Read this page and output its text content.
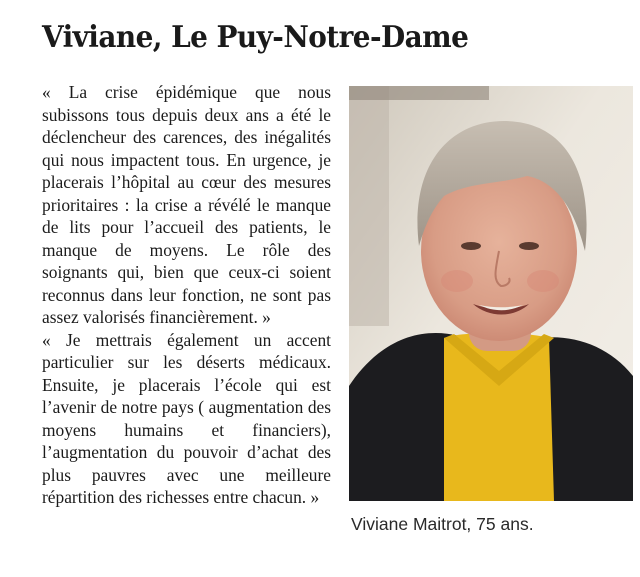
Viviane, Le Puy-Notre-Dame

« La crise épidémique que nous subissons tous depuis deux ans a été le déclencheur des carences, des inégalités qui nous impactent tous. En urgence, je placerais l’hôpital au cœur des mesures prioritaires : la crise a révélé le manque de lits pour l’accueil des patients, le manque de moyens. Le rôle des soignants qui, bien que ceux-ci soient reconnus dans leur fonction, ne sont pas assez valorisés financièrement. »

« Je mettrais également un accent particulier sur les déserts médicaux. Ensuite, je placerais l’école qui est l’avenir de notre pays ( augmentation des moyens humains et financiers), l’augmentation du pouvoir d’achat des plus pauvres avec une meilleure répartition des richesses entre chacun. »

Viviane Maitrot, 75 ans.
